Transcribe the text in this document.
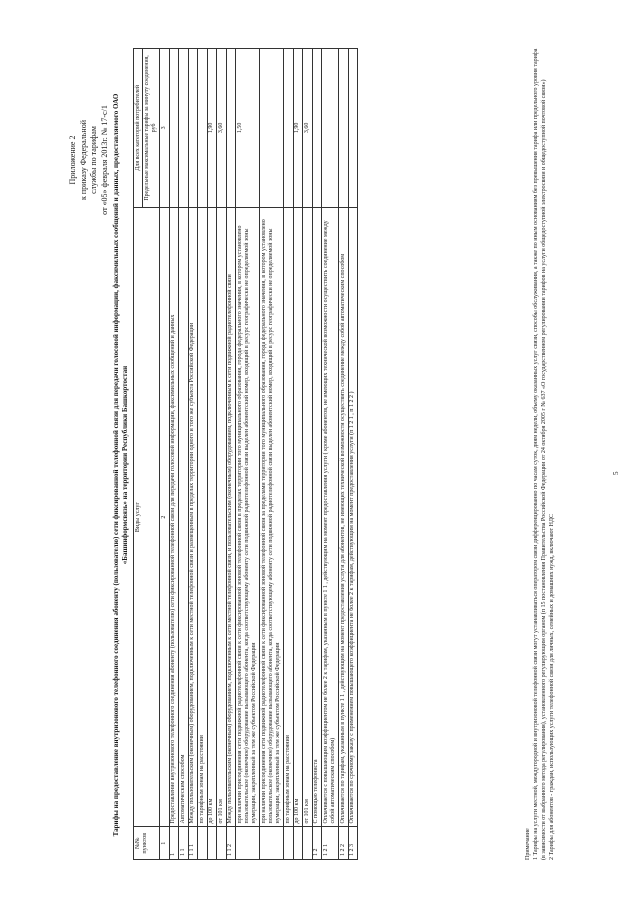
Приложение 2 к приказу Федеральной службы по тарифам от «05» февраля 2013г. № 17-с/1 Тарифы на предоставление внутризонового телефонного соединения абоненту (пользователю) сети фиксированной телефонной связи для передачи голосовой информации, факсимильных сообщений и данных, предоставляемого ОАО «Башинформсвязь» на территории Республики Башкортостан
№№ пунктов	Виды услуг	Для всех категорий потребителей
		Предельные максимальные тарифы за минуту соединения, руб
1	2	3
1	Предоставление внутризонового телефонного соединения абоненту (пользователю) сети фиксированной телефонной связи для передачи голосовой информации, факсимильных сообщений и данных	
1 1	Автоматическим способом	
1 1 1	Между пользовательским (оконечным) оборудованием, подключенным к сети местной телефонной связи и размещенным в пределах территории одного и того же субъекта Российской Федерации	
	по тарифным зонам на расстоянии	
	до 100 км	1,90
	от 101 км	3,60
1 1 2	Между пользовательским (оконечным) оборудованием, подключенным к сети местной телефонной связи, и пользовательским (оконечным) оборудованием, подключенным к сети подвижной радиотелефонной связи	
	при наличии присоединения сети подвижной радиотелефонной связи к сети фиксированной зоновой телефонной связи в пределах территории того муниципального образования, города федерального значения, в котором установлено пользовательское (оконечное) оборудование вызывающего абонента, когда соответствующему абоненту сети подвижной радиотелефонной связи выделен абонентский номер, входящий в ресурс географически не определяемой зоны нумерации, закрепленный за тем же субъектом Российской Федерации	1,50
	при наличии присоединения сети подвижной радиотелефонной связи к сети фиксированной зоновой телефонной связи за пределами территории того муниципального образования, города федерального значения, в котором установлено пользовательское (оконечное) оборудование вызывающего абонента, когда соответствующему абоненту сети подвижной радиотелефонной связи выделен абонентский номер, входящий в ресурс географически не определяемой зоны нумерации, закрепленный за тем же субъектом Российской Федерации	
	по тарифным зонам на расстоянии	
	до 100 км	1,90
	от 101 км	3,60
1 2	С помощью телефониста	
1 2 1	Оплачивается с повышающим коэффициентом не более 2 к тарифам, указанным в пункте 1 1 , действующим на момент предоставления услуги ( кроме абонентов, не имеющих технической возможности осуществить соединение между собой автоматическим способом)	
1 2 2	Оплачивается по тарифам, указанным в пункте 1 1 , действующим на момент предоставления услуги для абонентов, не имеющих технической возможности осуществить соединение между собой автоматическим способом	
1 2 3	Оплачивается по срочному заказу с применением повышающего коэффициента не более 2 к тарифам, действующим на момент предоставления услуги (п 1 2 1 , п 1 2 2 )	
Примечание 1 Тарифы на услуги местной, междугородной и внутризоновой телефонной связи могут устанавливаться оператором связи дифференцированно по часам суток, дням недели, объему оказанных услуг связи, способы обслуживания, а также по иным основаниям без превышения тарифа или предельного уровня тарифа (в зависимости от выбранного метода регулирования), установленного регулирующим органом (п 15 постановления Правительства Российской Федерации от 24 октября 2005 г № 637 «О государственном регулировании тарифов на услуги общедоступной электросвязи и общедоступной почтовой связи») 2 Тарифы для абонентов - граждан, использующих услуги телефонной связи для личных, семейных и домашних нужд, включают НДС
5
